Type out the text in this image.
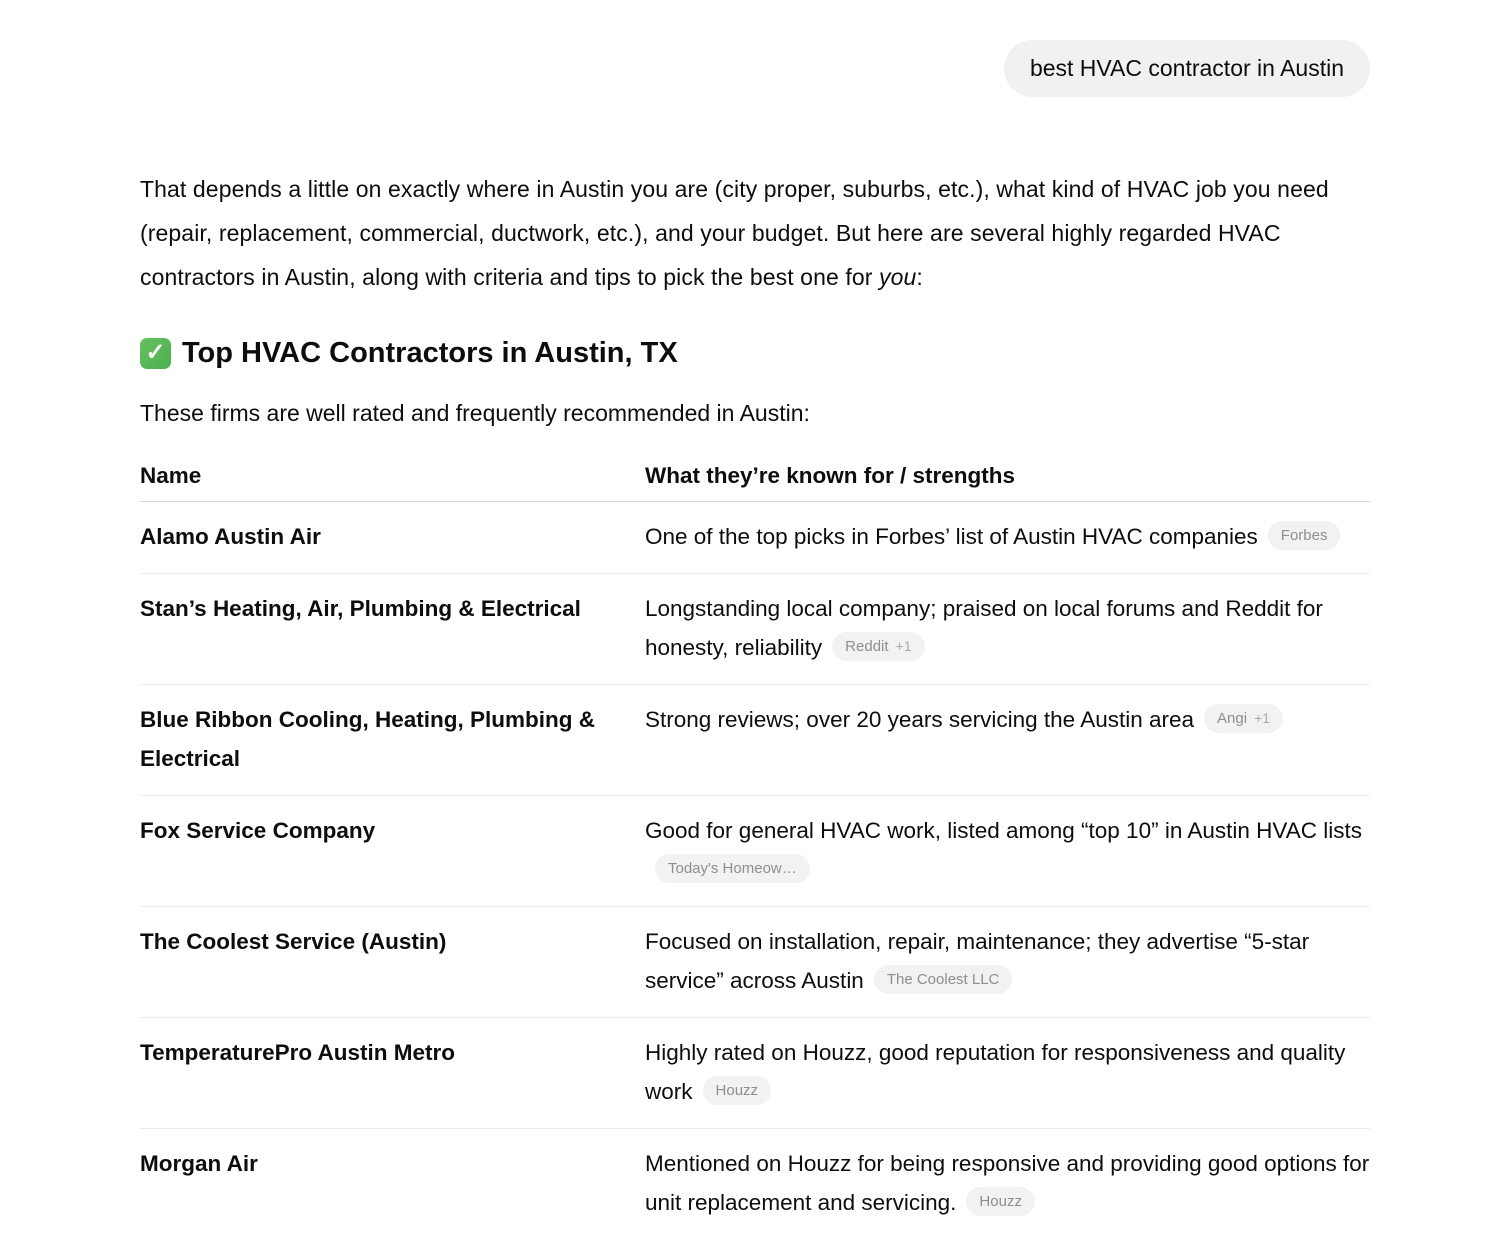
best HVAC contractor in Austin

That depends a little on exactly where in Austin you are (city proper, suburbs, etc.), what kind of HVAC job you need (repair, replacement, commercial, ductwork, etc.), and your budget. But here are several highly regarded HVAC contractors in Austin, along with criteria and tips to pick the best one for you:

✓ Top HVAC Contractors in Austin, TX

These firms are well rated and frequently recommended in Austin:

Name	What they’re known for / strengths
Alamo Austin Air	One of the top picks in Forbes’ list of Austin HVAC companies Forbes

Stan’s Heating, Air, Plumbing & Electrical	Longstanding local company; praised on local forums and Reddit for honesty, reliability Reddit +1

Blue Ribbon Cooling, Heating, Plumbing & Electrical	Strong reviews; over 20 years servicing the Austin area Angi +1

Fox Service Company	Good for general HVAC work, listed among “top 10” in Austin HVAC lists
Today's Homeow…

The Coolest Service (Austin)	Focused on installation, repair, maintenance; they advertise “5-star service” across Austin The Coolest LLC

TemperaturePro Austin Metro	Highly rated on Houzz, good reputation for responsiveness and quality work Houzz

Morgan Air	Mentioned on Houzz for being responsive and providing good options for unit replacement and servicing. Houzz
